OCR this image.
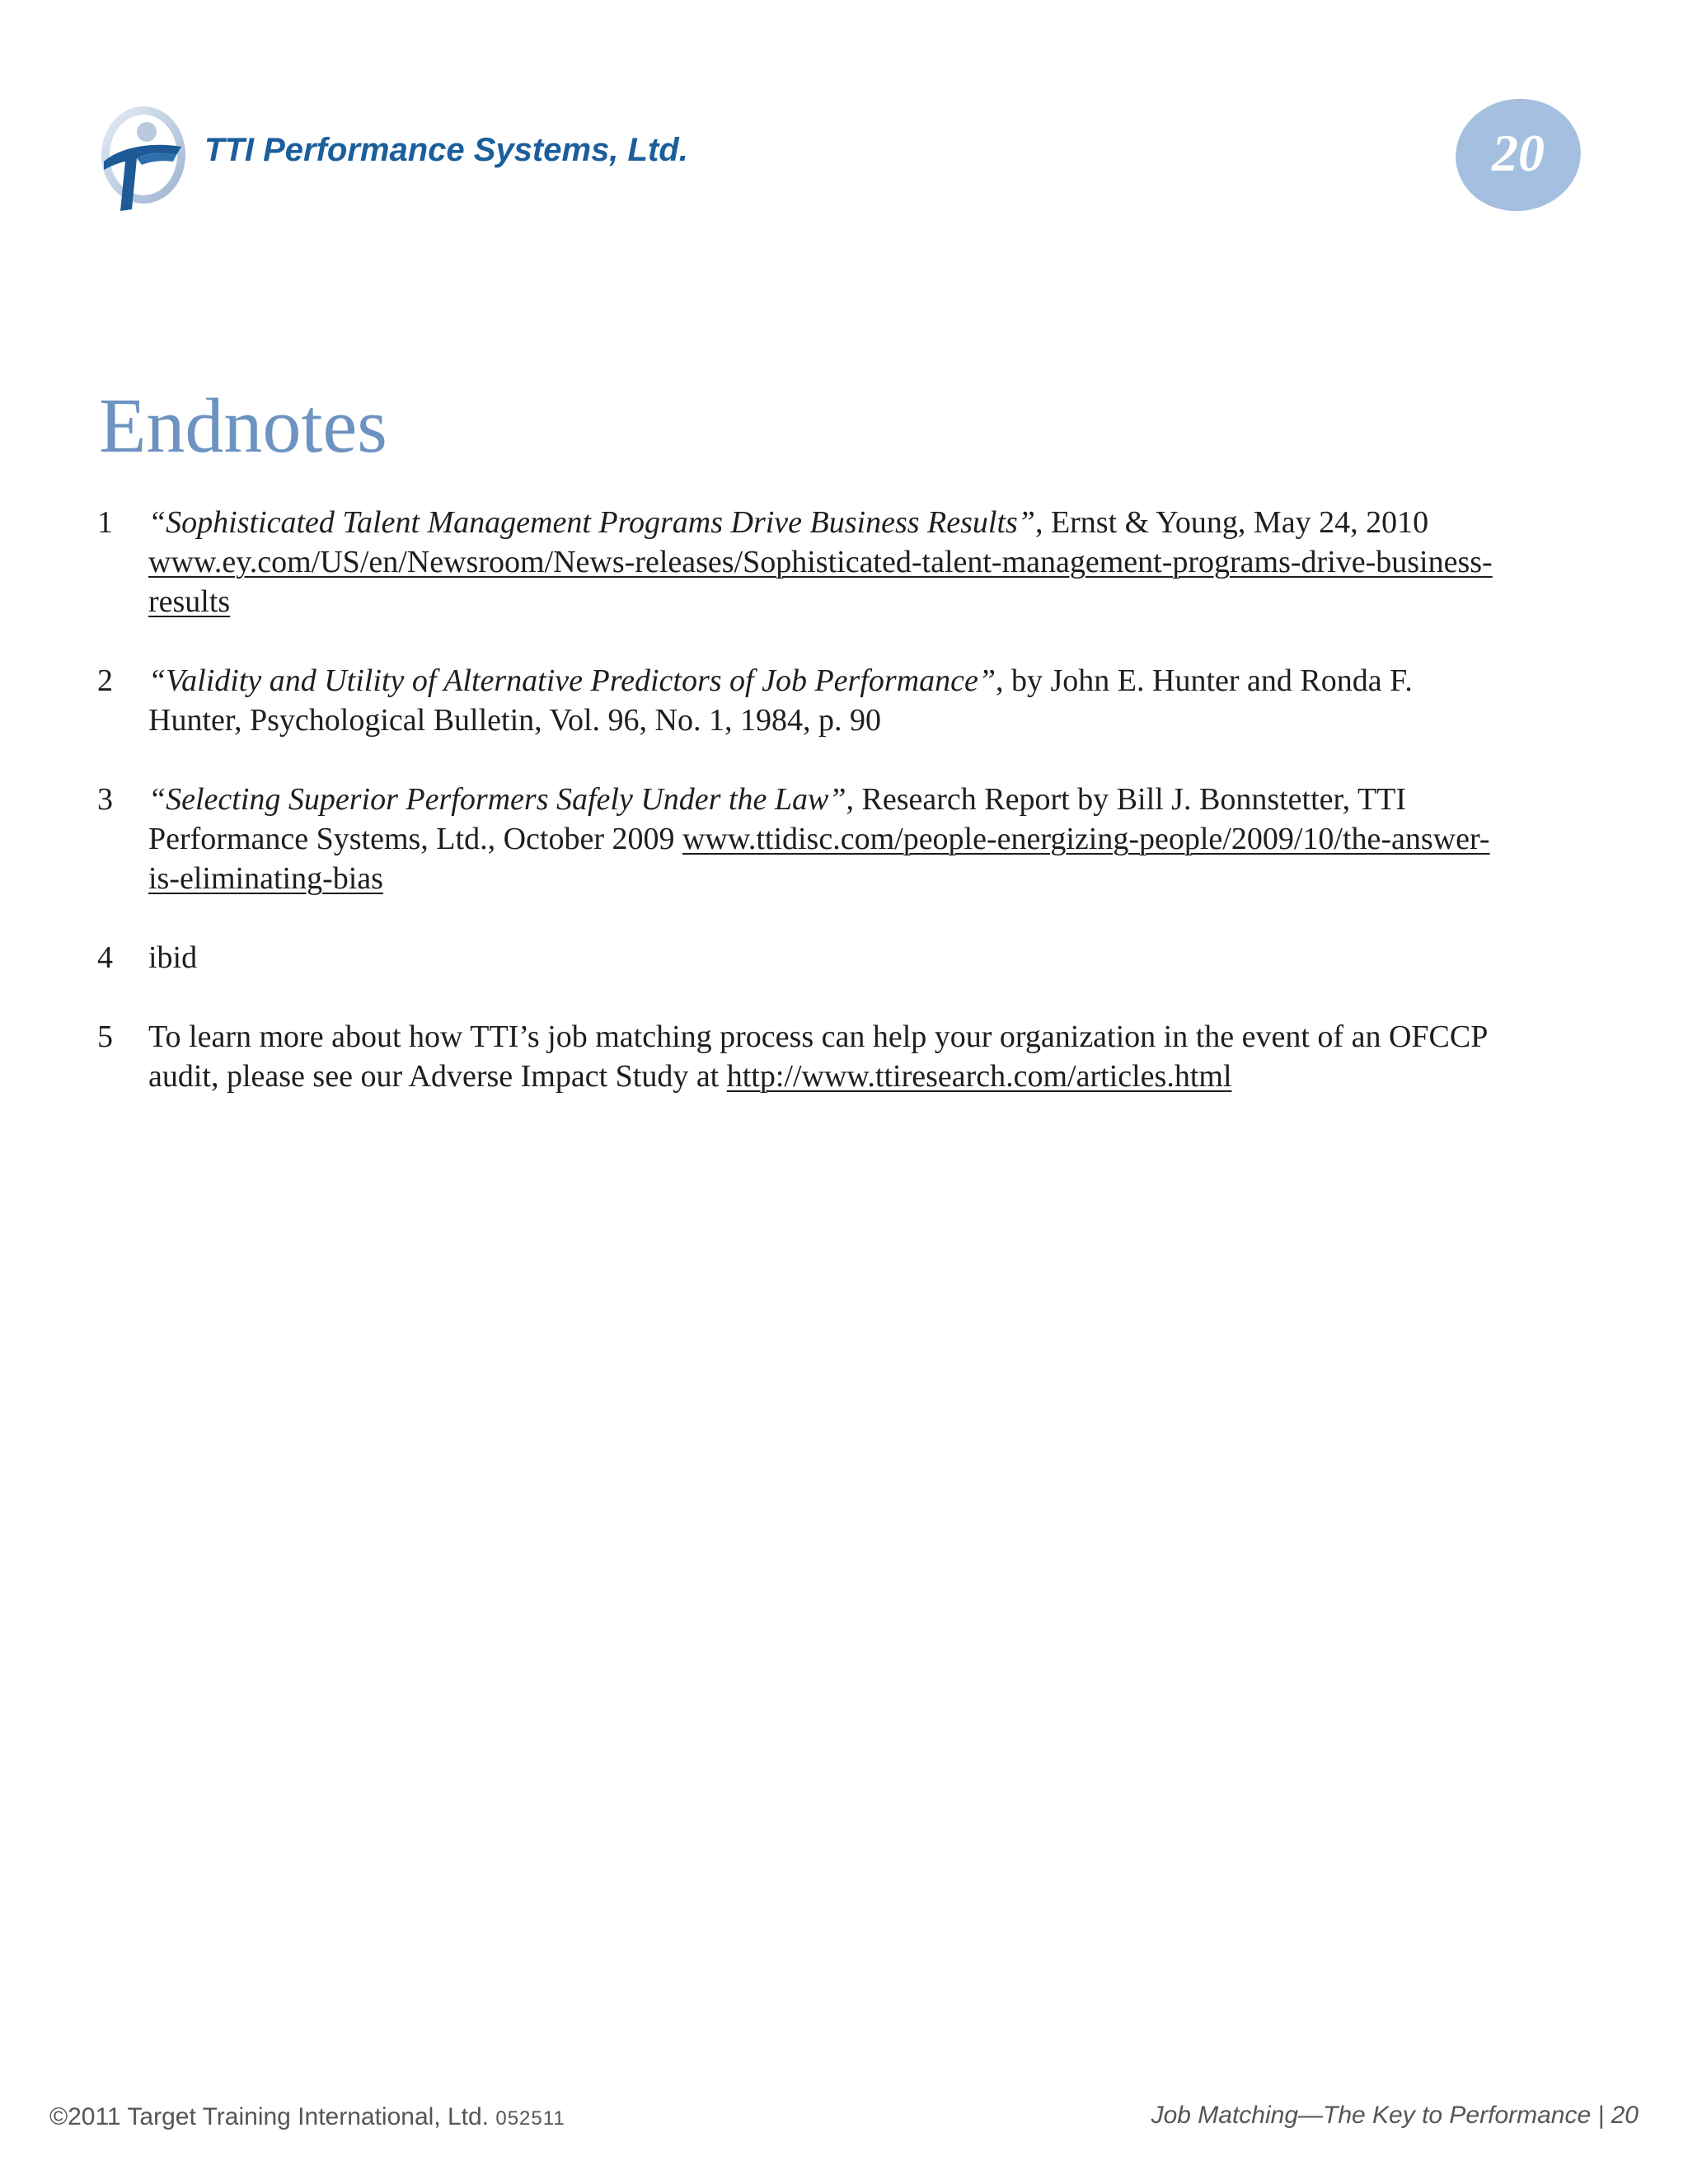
TTI Performance Systems, Ltd.	20
Endnotes
1	“Sophisticated Talent Management Programs Drive Business Results”, Ernst & Young, May 24, 2010 www.ey.com/US/en/Newsroom/News-releases/Sophisticated-talent-management-programs-drive-business-results
2	“Validity and Utility of Alternative Predictors of Job Performance”, by John E. Hunter and Ronda F. Hunter, Psychological Bulletin, Vol. 96, No. 1, 1984, p. 90
3	“Selecting Superior Performers Safely Under the Law”, Research Report by Bill J. Bonnstetter, TTI Performance Systems, Ltd., October 2009 www.ttidisc.com/people-energizing-people/2009/10/the-answer-is-eliminating-bias
4	ibid
5	To learn more about how TTI’s job matching process can help your organization in the event of an OFCCP audit, please see our Adverse Impact Study at http://www.ttiresearch.com/articles.html
©2011 Target Training International, Ltd. 052511	Job Matching—The Key to Performance | 20
